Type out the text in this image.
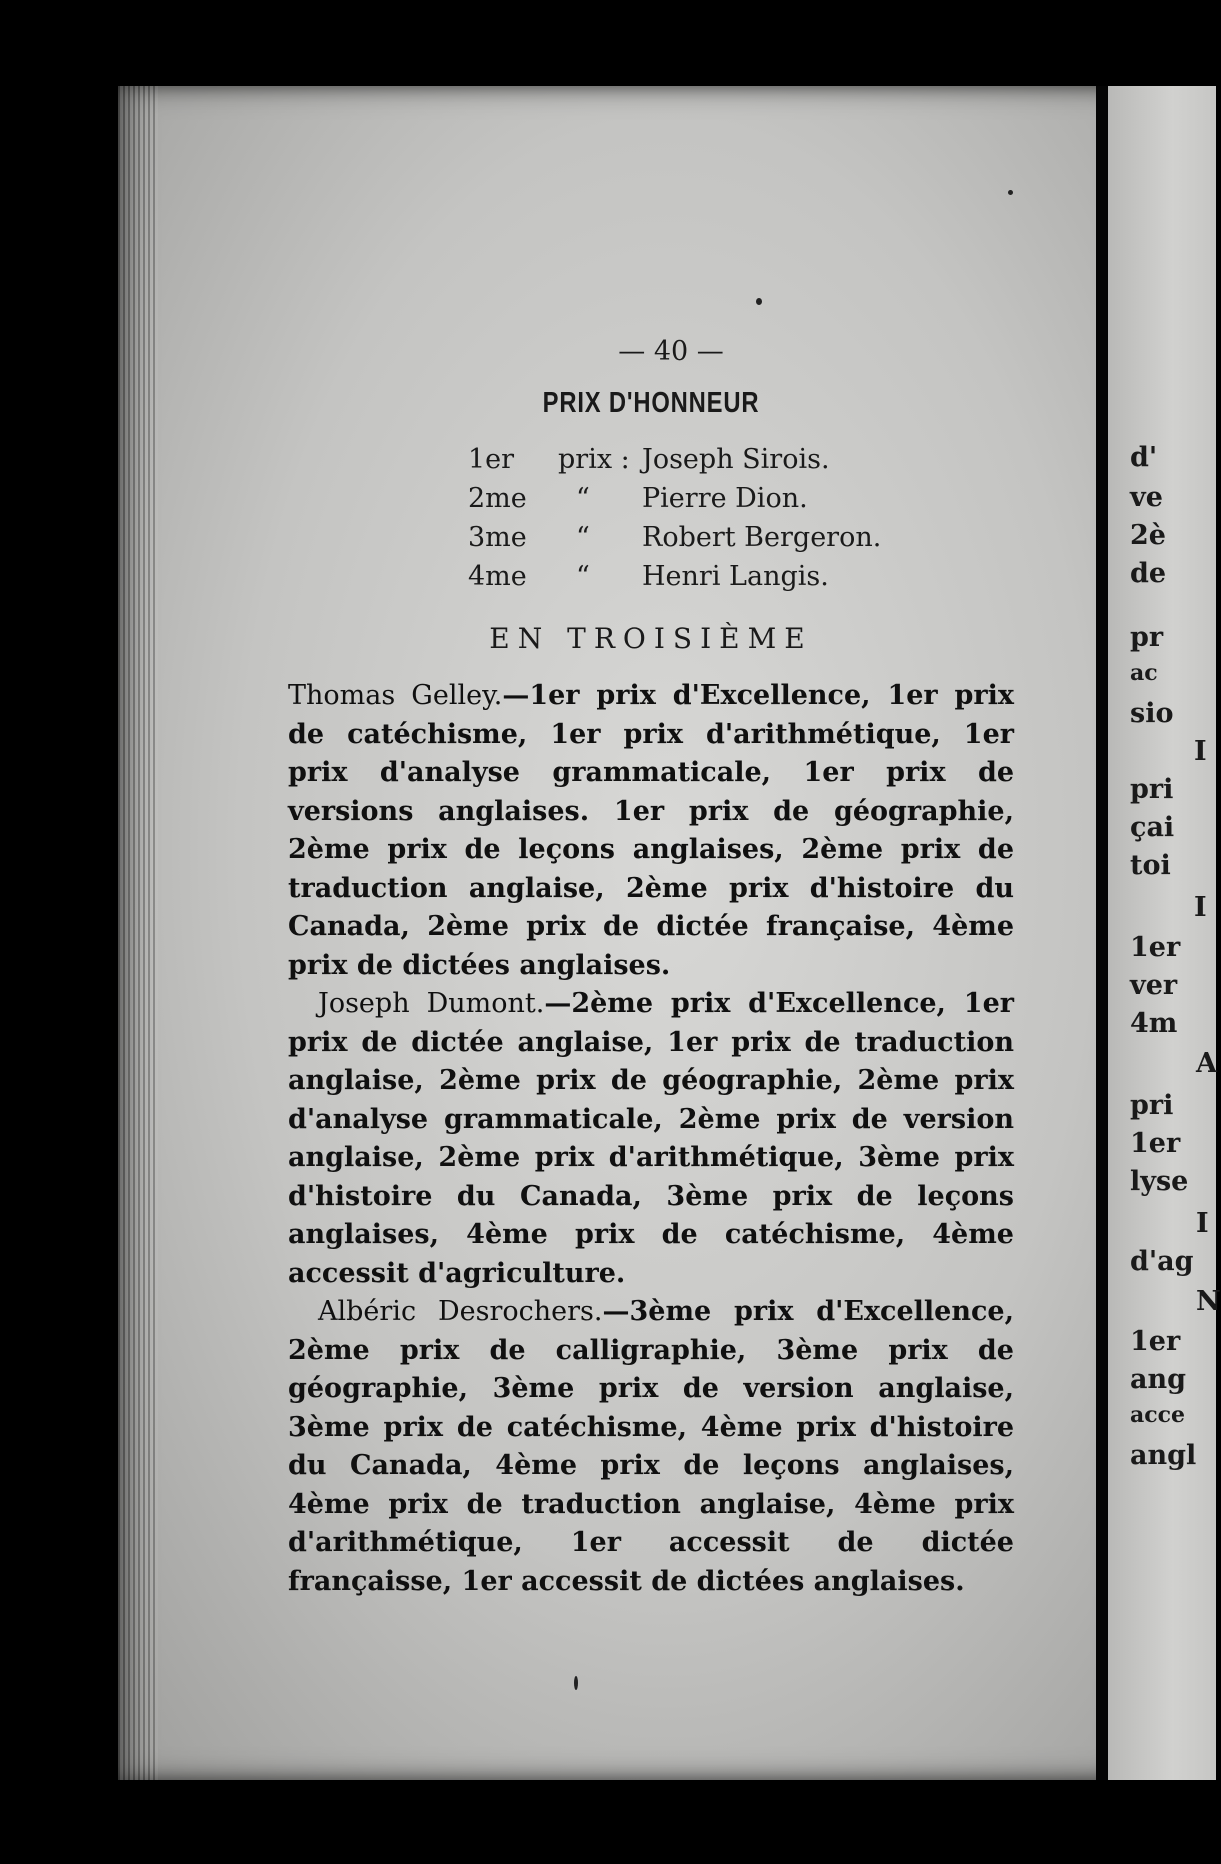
d'
ve
2è
de
pr
ac
sio
I
pri
çai
toi
I
1er
ver
4m
A
pri
1er
lyse
I
d'ag
N
1er
ang
acce
angl

— 40 —

PRIX D'HONNEUR
1er	prix : Joseph Sirois.
2me	“	Pierre Dion.
3me	“	Robert Bergeron.
4me	“	Henri Langis.
EN TROISIÈME

Thomas Gelley.—1er prix d'Excellence, 1er prix de catéchisme, 1er prix d'arithmétique, 1er prix d'analyse grammaticale, 1er prix de versions anglaises. 1er prix de géographie, 2ème prix de leçons anglaises, 2ème prix de traduction anglaise, 2ème prix d'histoire du Canada, 2ème prix de dictée française, 4ème prix de dictées anglaises.

Joseph Dumont.—2ème prix d'Excellence, 1er prix de dictée anglaise, 1er prix de traduction anglaise, 2ème prix de géographie, 2ème prix d'analyse grammaticale, 2ème prix de version anglaise, 2ème prix d'arithmétique, 3ème prix d'histoire du Canada, 3ème prix de leçons anglaises, 4ème prix de catéchisme, 4ème accessit d'agriculture.

Albéric Desrochers.—3ème prix d'Excellence, 2ème prix de calligraphie, 3ème prix de géographie, 3ème prix de version anglaise, 3ème prix de catéchisme, 4ème prix d'histoire du Canada, 4ème prix de leçons anglaises, 4ème prix de traduction anglaise, 4ème prix d'arithmétique, 1er accessit de dictée françaisse, 1er accessit de dictées anglaises.
